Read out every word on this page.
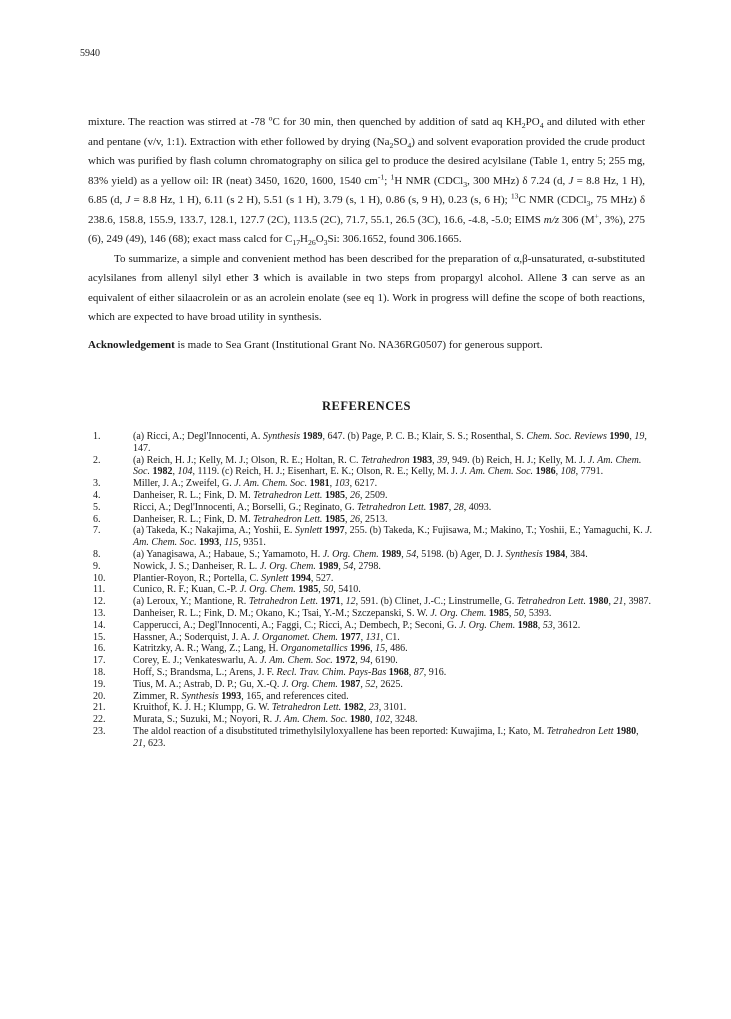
5940

mixture. The reaction was stirred at -78 $^o$C for 30 min, then quenched by addition of satd aq $KH_2PO_4$ and diluted with ether and pentane (v/v, 1:1). Extraction with ether followed by drying $(Na_2SO_4)$ and solvent evaporation provided the crude product which was purified by flash column chromatography on silica gel to produce the desired acylsilane (Table 1, entry 5; 255 mg, 83% yield) as a yellow oil: IR (neat) 3450, 1620, 1600, 1540 $cm^{-1}$; $^1$H NMR (CDCl$_3$, 300 MHz) δ 7.24 (d, J = 8.8 Hz, 1 H), 6.85 (d, J = 8.8 Hz, 1 H), 6.11 (s 2 H), 5.51 (s 1 H), 3.79 (s, 1 H), 0.86 (s, 9 H), 0.23 (s, 6 H); $^{13}$C NMR (CDCl$_3$, 75 MHz) δ 238.6, 158.8, 155.9, 133.7, 128.1, 127.7 (2C), 113.5 (2C), 71.7, 55.1, 26.5 (3C), 16.6, -4.8, -5.0; EIMS m/z 306 (M+, 3%), 275 (6), 249 (49), 146 (68); exact mass calcd for $C_{17}H_{26}O_3Si$: 306.1652, found 306.1665.

To summarize, a simple and convenient method has been described for the preparation of α,β-unsaturated, α-substituted acylsilanes from allenyl silyl ether 3 which is available in two steps from propargyl alcohol. Allene 3 can serve as an equivalent of either silaacrolein or as an acrolein enolate (see eq 1). Work in progress will define the scope of both reactions, which are expected to have broad utility in synthesis.

Acknowledgement is made to Sea Grant (Institutional Grant No. NA36RG0507) for generous support.

REFERENCES
1.	(a) Ricci, A.; Degl'Innocenti, A. Synthesis 1989, 647. (b) Page, P. C. B.; Klair, S. S.; Rosenthal, S. Chem. Soc. Reviews 1990, 19, 147.
2.	(a) Reich, H. J.; Kelly, M. J.; Olson, R. E.; Holtan, R. C. Tetrahedron 1983, 39, 949. (b) Reich, H. J.; Kelly, M. J. J. Am. Chem. Soc. 1982, 104, 1119. (c) Reich, H. J.; Eisenhart, E. K.; Olson, R. E.; Kelly, M. J. J. Am. Chem. Soc. 1986, 108, 7791.
3.	Miller, J. A.; Zweifel, G. J. Am. Chem. Soc. 1981, 103, 6217.
4.	Danheiser, R. L.; Fink, D. M. Tetrahedron Lett. 1985, 26, 2509.
5.	Ricci, A.; Degl'Innocenti, A.; Borselli, G.; Reginato, G. Tetrahedron Lett. 1987, 28, 4093.
6.	Danheiser, R. L.; Fink, D. M. Tetrahedron Lett. 1985, 26, 2513.
7.	(a) Takeda, K.; Nakajima, A.; Yoshii, E. Synlett 1997, 255. (b) Takeda, K.; Fujisawa, M.; Makino, T.; Yoshii, E.; Yamaguchi, K. J. Am. Chem. Soc. 1993, 115, 9351.
8.	(a) Yanagisawa, A.; Habaue, S.; Yamamoto, H. J. Org. Chem. 1989, 54, 5198. (b) Ager, D. J. Synthesis 1984, 384.
9.	Nowick, J. S.; Danheiser, R. L. J. Org. Chem. 1989, 54, 2798.
10.	Plantier-Royon, R.; Portella, C. Synlett 1994, 527.
11.	Cunico, R. F.; Kuan, C.-P. J. Org. Chem. 1985, 50, 5410.
12.	(a) Leroux, Y.; Mantione, R. Tetrahedron Lett. 1971, 12, 591. (b) Clinet, J.-C.; Linstrumelle, G. Tetrahedron Lett. 1980, 21, 3987.
13.	Danheiser, R. L.; Fink, D. M.; Okano, K.; Tsai, Y.-M.; Szczepanski, S. W. J. Org. Chem. 1985, 50, 5393.
14.	Capperucci, A.; Degl'Innocenti, A.; Faggi, C.; Ricci, A.; Dembech, P.; Seconi, G. J. Org. Chem. 1988, 53, 3612.
15.	Hassner, A.; Soderquist, J. A. J. Organomet. Chem. 1977, 131, C1.
16.	Katritzky, A. R.; Wang, Z.; Lang, H. Organometallics 1996, 15, 486.
17.	Corey, E. J.; Venkateswarlu, A. J. Am. Chem. Soc. 1972, 94, 6190.
18.	Hoff, S.; Brandsma, L.; Arens, J. F. Recl. Trav. Chim. Pays-Bas 1968, 87, 916.
19.	Tius, M. A.; Astrab, D. P.; Gu, X.-Q. J. Org. Chem. 1987, 52, 2625.
20.	Zimmer, R. Synthesis 1993, 165, and references cited.
21.	Kruithof, K. J. H.; Klumpp, G. W. Tetrahedron Lett. 1982, 23, 3101.
22.	Murata, S.; Suzuki, M.; Noyori, R. J. Am. Chem. Soc. 1980, 102, 3248.
23.	The aldol reaction of a disubstituted trimethylsilyloxyallene has been reported: Kuwajima, I.; Kato, M. Tetrahedron Lett 1980, 21, 623.
